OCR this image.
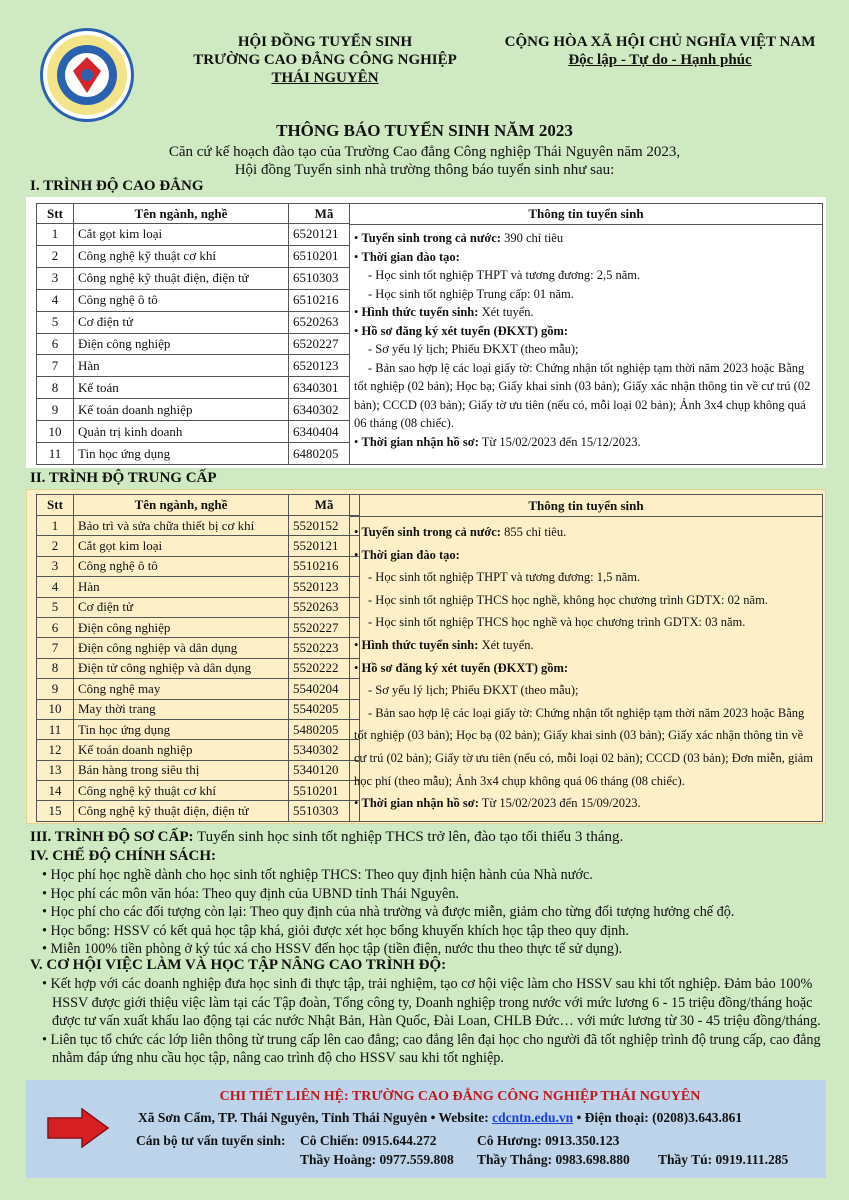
HỘI ĐỒNG TUYỂN SINH
TRƯỜNG CAO ĐẲNG CÔNG NGHIỆP
THÁI NGUYÊN
CỘNG HÒA XÃ HỘI CHỦ NGHĨA VIỆT NAM
Độc lập - Tự do - Hạnh phúc
THÔNG BÁO TUYỂN SINH NĂM 2023
Căn cứ kế hoạch đào tạo của Trường Cao đẳng Công nghiệp Thái Nguyên năm 2023,
Hội đồng Tuyển sinh nhà trường thông báo tuyển sinh như sau:
I. TRÌNH ĐỘ CAO ĐẲNG
Stt	Tên ngành, nghề	Mã
1	Cắt gọt kim loại	6520121
2	Công nghệ kỹ thuật cơ khí	6510201
3	Công nghệ kỹ thuật điện, điện tử	6510303
4	Công nghệ ô tô	6510216
5	Cơ điện tử	6520263
6	Điện công nghiệp	6520227
7	Hàn	6520123
8	Kế toán	6340301
9	Kế toán doanh nghiệp	6340302
10	Quản trị kinh doanh	6340404
11	Tin học ứng dụng	6480205
Thông tin tuyển sinh

• Tuyển sinh trong cả nước: 390 chỉ tiêu

• Thời gian đào tạo:

- Học sinh tốt nghiệp THPT và tương đương: 2,5 năm.

- Học sinh tốt nghiệp Trung cấp: 01 năm.

• Hình thức tuyển sinh: Xét tuyển.

• Hồ sơ đăng ký xét tuyển (ĐKXT) gồm:

- Sơ yếu lý lịch; Phiếu ĐKXT (theo mẫu);

- Bản sao hợp lệ các loại giấy tờ: Chứng nhận tốt nghiệp tạm thời năm 2023 hoặc Bằng tốt nghiệp (02 bản); Học bạ; Giấy khai sinh (03 bản); Giấy xác nhận thông tin về cư trú (02 bản); CCCD (03 bản); Giấy tờ ưu tiên (nếu có, mỗi loại 02 bản); Ảnh 3x4 chụp không quá 06 tháng (08 chiếc).

• Thời gian nhận hồ sơ: Từ 15/02/2023 đến 15/12/2023.

II. TRÌNH ĐỘ TRUNG CẤP
Stt	Tên ngành, nghề	Mã
1	Bảo trì và sửa chữa thiết bị cơ khí	5520152
2	Cắt gọt kim loại	5520121
3	Công nghệ ô tô	5510216
4	Hàn	5520123
5	Cơ điện tử	5520263
6	Điện công nghiệp	5520227
7	Điện công nghiệp và dân dụng	5520223
8	Điện tử công nghiệp và dân dụng	5520222
9	Công nghệ may	5540204
10	May thời trang	5540205
11	Tin học ứng dụng	5480205
12	Kế toán doanh nghiệp	5340302
13	Bán hàng trong siêu thị	5340120
14	Công nghệ kỹ thuật cơ khí	5510201
15	Công nghệ kỹ thuật điện, điện tử	5510303
Thông tin tuyển sinh

• Tuyển sinh trong cả nước: 855 chỉ tiêu.

• Thời gian đào tạo:

- Học sinh tốt nghiệp THPT và tương đương: 1,5 năm.

- Học sinh tốt nghiệp THCS học nghề, không học chương trình GDTX: 02 năm.

- Học sinh tốt nghiệp THCS học nghề và học chương trình GDTX: 03 năm.

• Hình thức tuyển sinh: Xét tuyển.

• Hồ sơ đăng ký xét tuyển (ĐKXT) gồm:

- Sơ yếu lý lịch; Phiếu ĐKXT (theo mẫu);

- Bản sao hợp lệ các loại giấy tờ: Chứng nhận tốt nghiệp tạm thời năm 2023 hoặc Bằng tốt nghiệp (03 bản); Học bạ (02 bản); Giấy khai sinh (03 bản); Giấy xác nhận thông tin về cư trú (02 bản); Giấy tờ ưu tiên (nếu có, mỗi loại 02 bản); CCCD (03 bản); Đơn miễn, giảm học phí (theo mẫu); Ảnh 3x4 chụp không quá 06 tháng (08 chiếc).

• Thời gian nhận hồ sơ: Từ 15/02/2023 đến 15/09/2023.

III. TRÌNH ĐỘ SƠ CẤP: Tuyển sinh học sinh tốt nghiệp THCS trở lên, đào tạo tối thiểu 3 tháng.
IV. CHẾ ĐỘ CHÍNH SÁCH:
• Học phí học nghề dành cho học sinh tốt nghiệp THCS: Theo quy định hiện hành của Nhà nước.
• Học phí các môn văn hóa: Theo quy định của UBND tỉnh Thái Nguyên.
• Học phí cho các đối tượng còn lại: Theo quy định của nhà trường và được miễn, giảm cho từng đối tượng hưởng chế độ.
• Học bổng: HSSV có kết quả học tập khá, giỏi được xét học bổng khuyến khích học tập theo quy định.
• Miễn 100% tiền phòng ở ký túc xá cho HSSV đến học tập (tiền điện, nước thu theo thực tế sử dụng).
V. CƠ HỘI VIỆC LÀM VÀ HỌC TẬP NÂNG CAO TRÌNH ĐỘ:
• Kết hợp với các doanh nghiệp đưa học sinh đi thực tập, trải nghiệm, tạo cơ hội việc làm cho HSSV sau khi tốt nghiệp. Đảm bảo 100% HSSV được giới thiệu việc làm tại các Tập đoàn, Tổng công ty, Doanh nghiệp trong nước với mức lương 6 - 15 triệu đồng/tháng hoặc được tư vấn xuất khẩu lao động tại các nước Nhật Bản, Hàn Quốc, Đài Loan, CHLB Đức… với mức lương từ 30 - 45 triệu đồng/tháng.
• Liên tục tổ chức các lớp liên thông từ trung cấp lên cao đẳng; cao đẳng lên đại học cho người đã tốt nghiệp trình độ trung cấp, cao đẳng nhằm đáp ứng nhu cầu học tập, nâng cao trình độ cho HSSV sau khi tốt nghiệp.
CHI TIẾT LIÊN HỆ: TRƯỜNG CAO ĐẲNG CÔNG NGHIỆP THÁI NGUYÊN
Xã Sơn Cẩm, TP. Thái Nguyên, Tỉnh Thái Nguyên • Website: cdcntn.edu.vn • Điện thoại: (0208)3.643.861
Cán bộ tư vấn tuyển sinh: Cô Chiến: 0915.644.272	Cô Hương: 0913.350.123
Thầy Hoàng: 0977.559.808 Thầy Thắng: 0983.698.880 Thầy Tú: 0919.111.285
